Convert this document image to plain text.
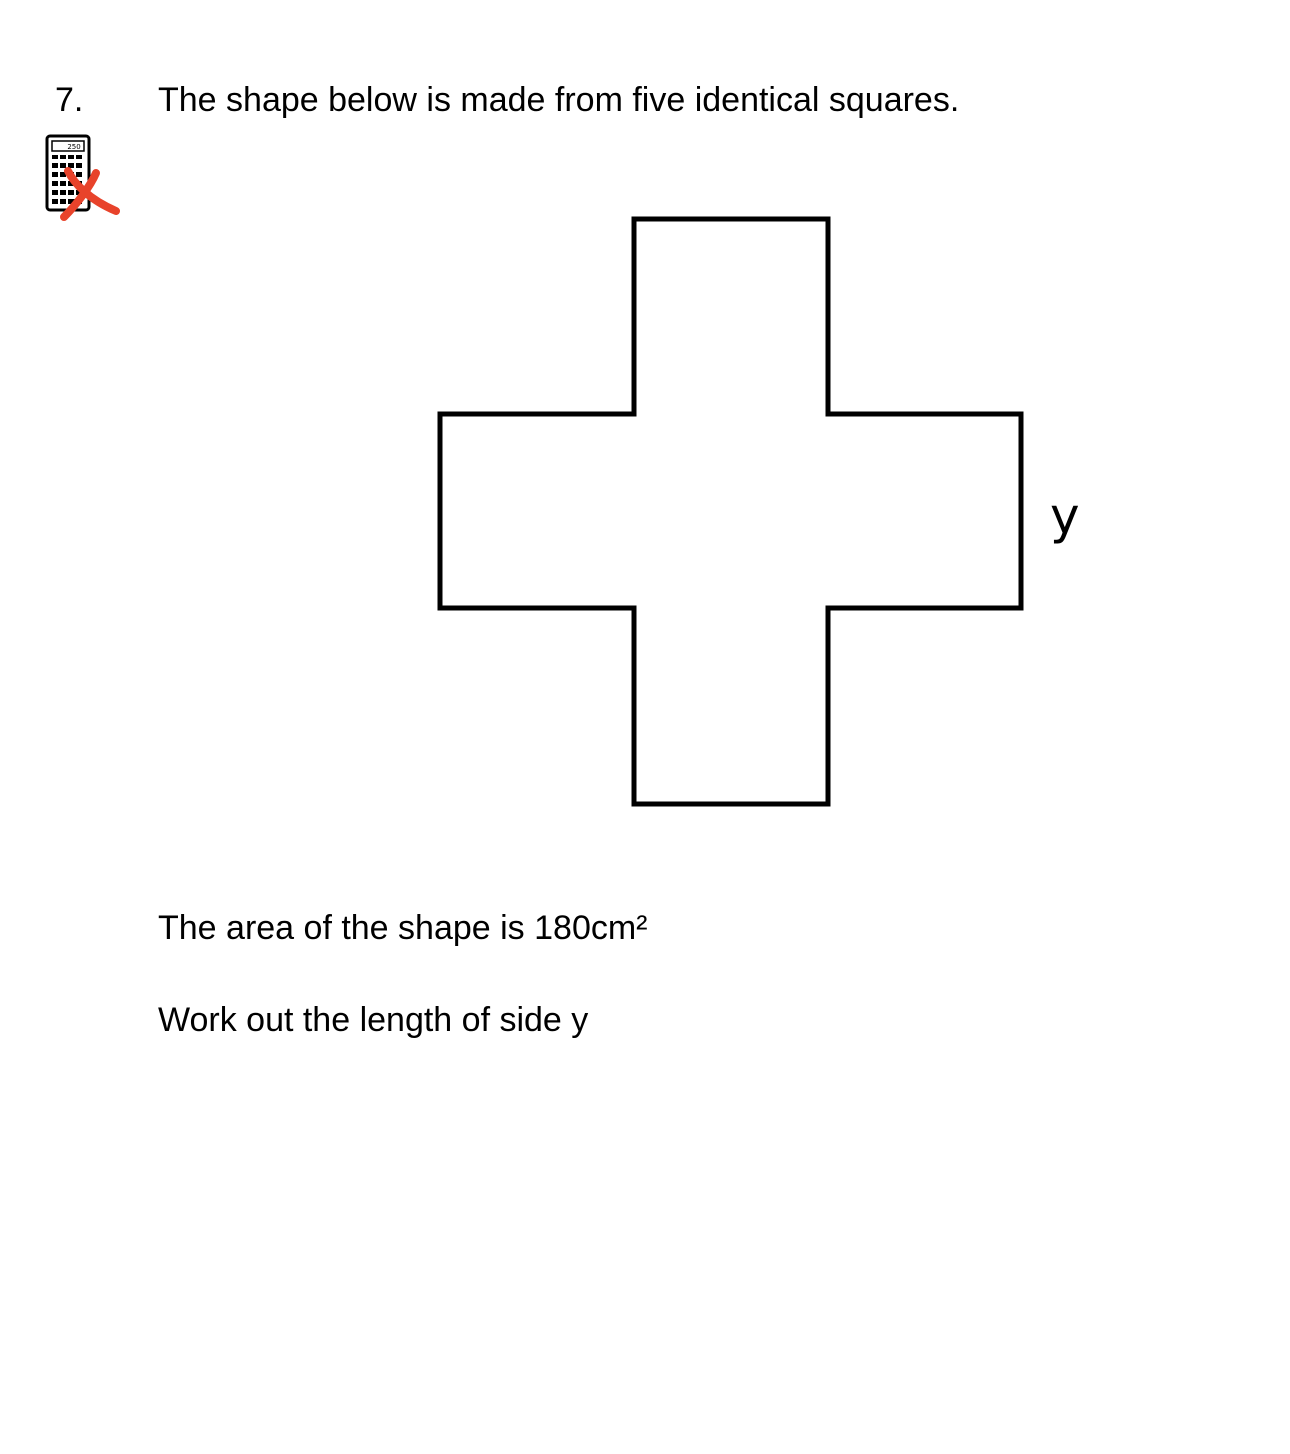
7. The shape below is made from five identical squares.
250
y
The area of the shape is 180cm²
Work out the length of side y
